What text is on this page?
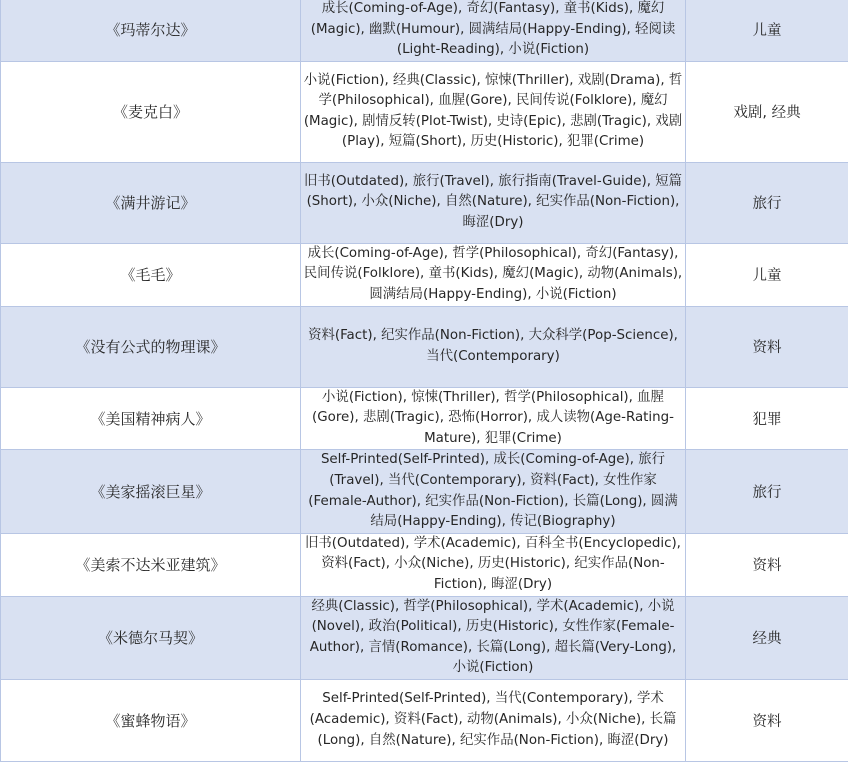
《玛蒂尔达》	成长(Coming-of-Age), 奇幻(Fantasy), 童书(Kids), 魔幻(Magic), 幽默(Humour), 圆满结局(Happy-Ending), 轻阅读(Light-Reading), 小说(Fiction)	儿童
《麦克白》	小说(Fiction), 经典(Classic), 惊悚(Thriller), 戏剧(Drama), 哲学(Philosophical), 血腥(Gore), 民间传说(Folklore), 魔幻(Magic), 剧情反转(Plot-Twist), 史诗(Epic), 悲剧(Tragic), 戏剧(Play), 短篇(Short), 历史(Historic), 犯罪(Crime)	戏剧, 经典
《满井游记》	旧书(Outdated), 旅行(Travel), 旅行指南(Travel-Guide), 短篇(Short), 小众(Niche), 自然(Nature), 纪实作品(Non-Fiction), 晦涩(Dry)	旅行
《毛毛》	成长(Coming-of-Age), 哲学(Philosophical), 奇幻(Fantasy), 民间传说(Folklore), 童书(Kids), 魔幻(Magic), 动物(Animals), 圆满结局(Happy-Ending), 小说(Fiction)	儿童
《没有公式的物理课》	资料(Fact), 纪实作品(Non-Fiction), 大众科学(Pop-Science), 当代(Contemporary)	资料
《美国精神病人》	小说(Fiction), 惊悚(Thriller), 哲学(Philosophical), 血腥(Gore), 悲剧(Tragic), 恐怖(Horror), 成人读物(Age-Rating-Mature), 犯罪(Crime)	犯罪
《美家摇滚巨星》	Self-Printed(Self-Printed), 成长(Coming-of-Age), 旅行(Travel), 当代(Contemporary), 资料(Fact), 女性作家(Female-Author), 纪实作品(Non-Fiction), 长篇(Long), 圆满结局(Happy-Ending), 传记(Biography)	旅行
《美索不达米亚建筑》	旧书(Outdated), 学术(Academic), 百科全书(Encyclopedic), 资料(Fact), 小众(Niche), 历史(Historic), 纪实作品(Non-Fiction), 晦涩(Dry)	资料
《米德尔马契》	经典(Classic), 哲学(Philosophical), 学术(Academic), 小说(Novel), 政治(Political), 历史(Historic), 女性作家(Female-Author), 言情(Romance), 长篇(Long), 超长篇(Very-Long), 小说(Fiction)	经典
《蜜蜂物语》	Self-Printed(Self-Printed), 当代(Contemporary), 学术(Academic), 资料(Fact), 动物(Animals), 小众(Niche), 长篇(Long), 自然(Nature), 纪实作品(Non-Fiction), 晦涩(Dry)	资料
